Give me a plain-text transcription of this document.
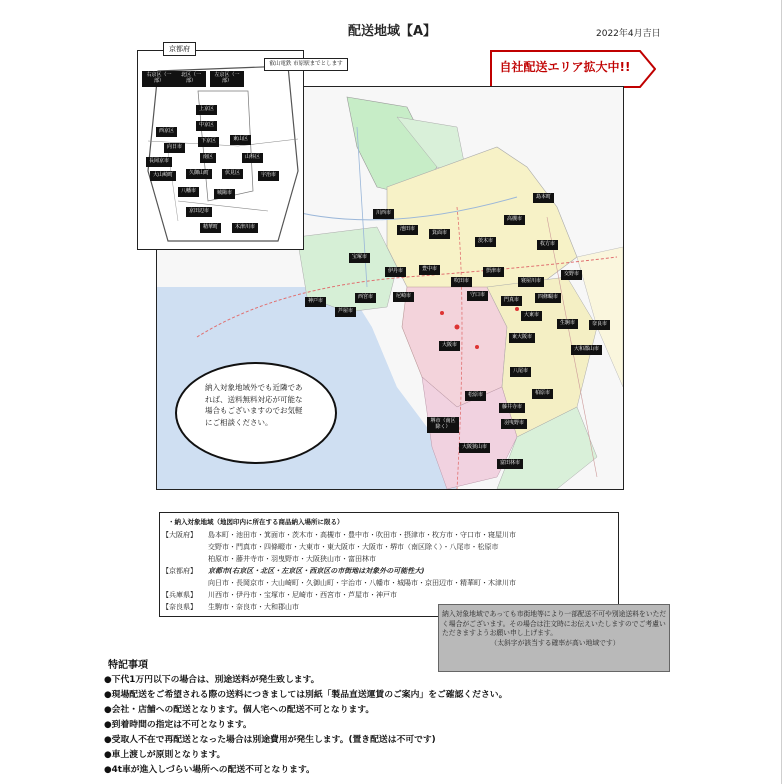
配送地域【A】	2022年4月吉日
自社配送エリア拡大中!!
島本町
高槻市
池田市
箕面市
茨木市	枚方市
川西市
宝塚市
伊丹市	豊中市
吹田市
摂津市
寝屋川市
交野市
神戸市
芦屋市
西宮市	尼崎市	守口市
門真市	四條畷市
大東市
生駒市	奈良市
東大阪市
大阪市
大和郡山市
八尾市
松原市
藤井寺市
柏原市
羽曳野市
堺市（南区除く）
大阪狭山市
富田林市
右京区（一部）
北区（一部）
左京区（一部）
上京区
中京区
西京区
下京区	東山区
向日市
南区	山科区
長岡京市
大山崎町	久御山町	伏見区	宇治市
八幡市	城陽市
京田辺市
精華町	木津川市
京都府
叡山電鉄 市原駅までとします
納入対象地域外でも近隣であれば、送料無料対応が可能な場合もございますのでお気軽にご相談ください。
・納入対象地域（地図印内に所在する商品納入場所に限る）
【大阪府】 島本町・池田市・箕面市・茨木市・高槻市・豊中市・吹田市・摂津市・枚方市・守口市・寝屋川市
交野市・門真市・四條畷市・大東市・東大阪市・大阪市・堺市（南区除く）・八尾市・松原市
柏原市・藤井寺市・羽曳野市・大阪狭山市・富田林市
【京都府】 京都市(右京区・北区・左京区・西京区の市街地は対象外の可能性大)
向日市・長岡京市・大山崎町・久御山町・宇治市・八幡市・城陽市・京田辺市・精華町・木津川市
【兵庫県】 川西市・伊丹市・宝塚市・尼崎市・西宮市・芦屋市・神戸市
【奈良県】 生駒市・奈良市・大和郡山市
納入対象地域であっても市街地等により一部配送不可や別途送料をいただく場合がございます。その場合は注文時にお伝えいたしますのでご考慮いただきますようお願い申し上げます。

（太斜字が該当する確率が高い地域です）
特記事項
●下代1万円以下の場合は、別途送料が発生致します。
●現場配送をご希望される際の送料につきましては別紙「製品直送運賃のご案内」をご確認ください。
●会社・店舗への配送となります。個人宅への配送不可となります。
●到着時間の指定は不可となります。
●受取人不在で再配送となった場合は別途費用が発生します。(置き配送は不可です)
●車上渡しが原則となります。
●4t車が進入しづらい場所への配送不可となります。
